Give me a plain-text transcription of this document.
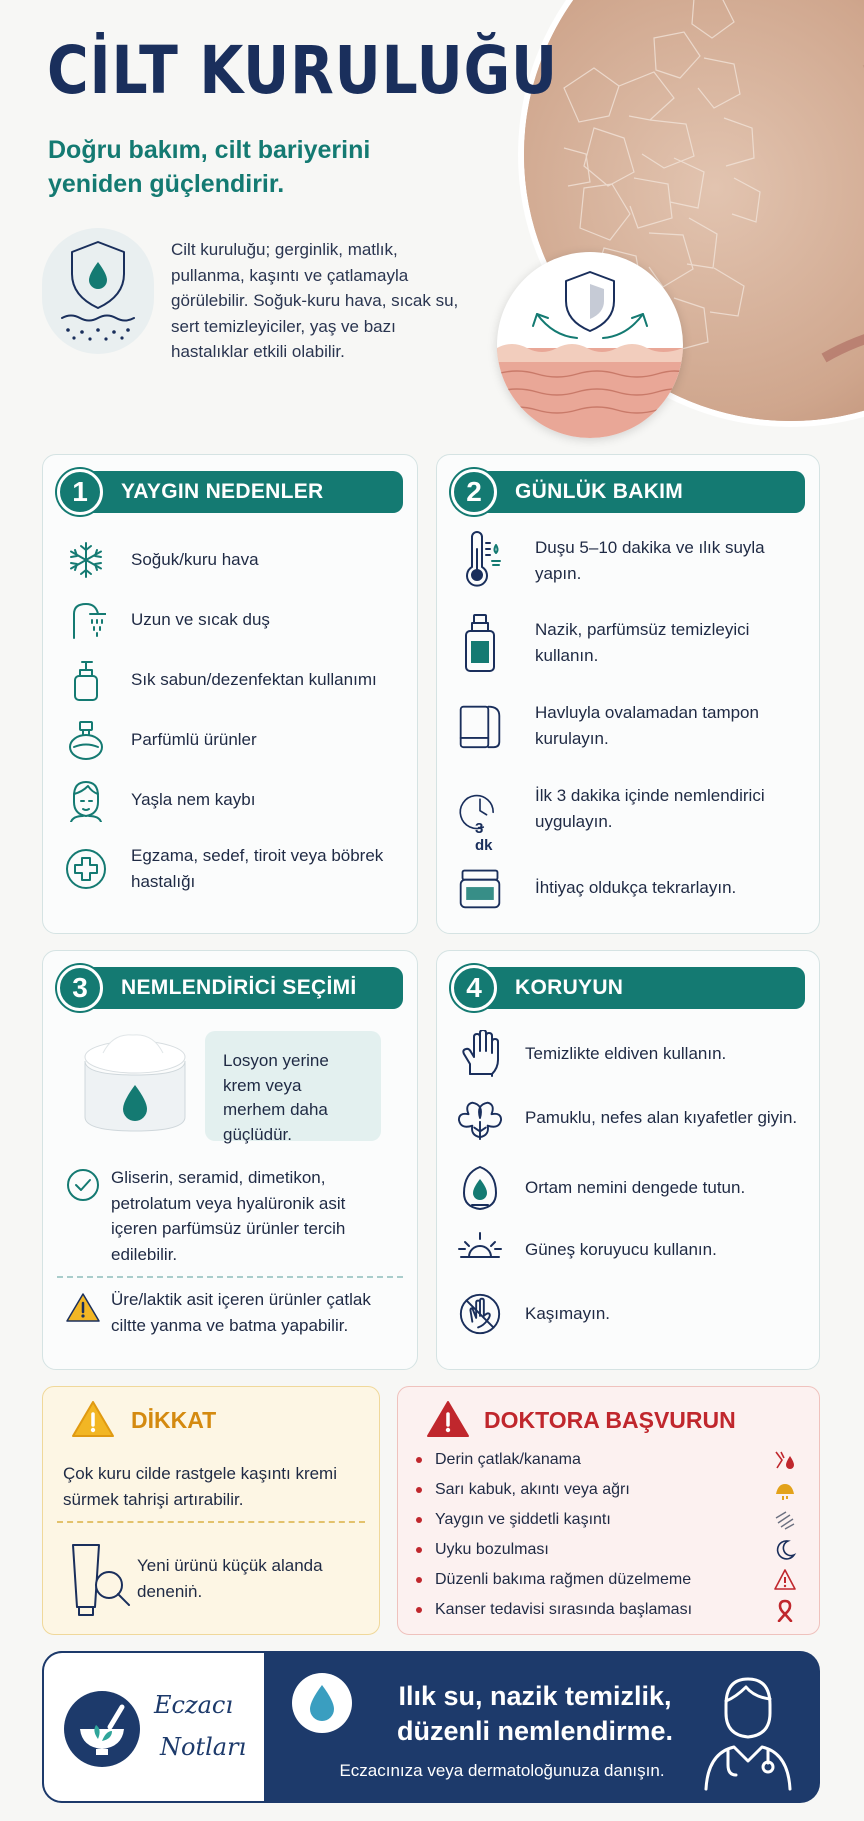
CİLT KURULUĞU
Doğru bakım, cilt bariyerini yeniden güçlendirir.
Cilt kuruluğu; gerginlik, matlık, pullanma, kaşıntı ve çatlamayla görülebilir. Soğuk-kuru hava, sıcak su, sert temizleyiciler, yaş ve bazı hastalıklar etkili olabilir.
1	YAYGIN NEDENLER
Soğuk/kuru hava
Uzun ve sıcak duş
Sık sabun/dezenfektan kullanımı
Parfümlü ürünler
Yaşla nem kaybı
Egzama, sedef, tiroit veya böbrek hastalığı
2	GÜNLÜK BAKIM
Duşu 5–10 dakika ve ılık suyla yapın.
Nazik, parfümsüz temizleyici kullanın.
Havluyla ovalamadan tampon kurulayın.
3 dk
İlk 3 dakika içinde nemlendirici uygulayın.
İhtiyaç oldukça tekrarlayın.
3	NEMLENDİRİCİ SEÇİMİ
Losyon yerine krem veya merhem daha güçlüdür.
Gliserin, seramid, dimetikon, petrolatum veya hyalüronik asit içeren parfümsüz ürünler tercih edilebilir.
Üre/laktik asit içeren ürünler çatlak ciltte yanma ve batma yapabilir.
4	KORUYUN
Temizlikte eldiven kullanın.
Pamuklu, nefes alan kıyafetler giyin.
Ortam nemini dengede tutun.
Güneş koruyucu kullanın.
Kaşımayın.
DİKKAT
Çok kuru cilde rastgele kaşıntı kremi sürmek tahrişi artırabilir.
Yeni ürünü küçük alanda deneniṅ.
DOKTORA BAŞVURUN
Derin çatlak/kanama
Sarı kabuk, akıntı veya ağrı
Yaygın ve şiddetli kaşıntı
Uyku bozulması
Düzenli bakıma rağmen düzelmeme
Kanser tedavisi sırasında başlaması
Eczacı
Notları
Ilık su, nazik temizlik, düzenli nemlendirme.
Eczacınıza veya dermatoloğunuza danışın.
